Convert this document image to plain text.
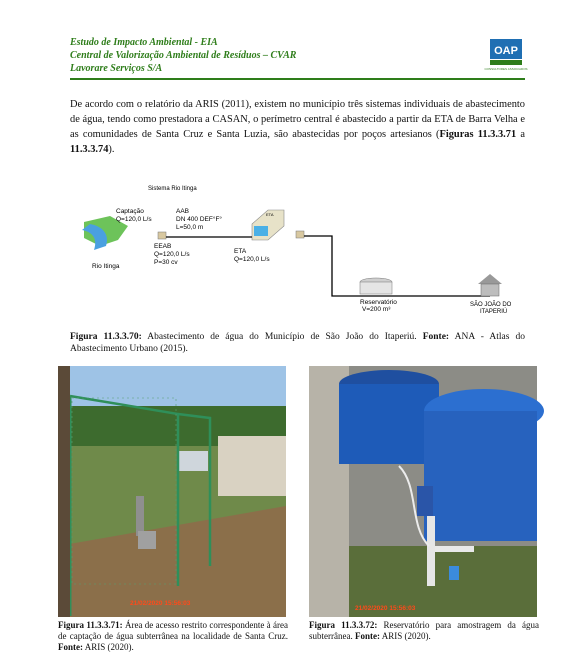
Estudo de Impacto Ambiental - EIA
Central de Valorização Ambiental de Resíduos – CVAR
Lavorare Serviços S/A
OAP
CONSULTORES ASSOCIADOS

De acordo com o relatório da ARIS (2011), existem no município três sistemas individuais de abastecimento de água, tendo como prestadora a CASAN, o perímetro central é abastecido a partir da ETA de Barra Velha e as comunidades de Santa Cruz e Santa Luzia, são abastecidas por poços artesianos (Figuras 11.3.3.71 a 11.3.3.74).

Sistema Rio Itinga
Captação
Q=120,0 L/s
Rio Itinga
AAB
DN 400 DEF°F°
L=50,0 m
EEAB
Q=120,0 L/s
P=30 cv
ETA
ETA
Q=120,0 L/s
Reservatório
V=200 m³
SÃO JOÃO DO
ITAPERIÚ

Figura 11.3.3.70: Abastecimento de água do Município de São João do Itaperiú. Fonte: ANA - Atlas do Abastecimento Urbano (2015).

21/02/2020 15:56:03
21/02/2020 15:56:03

Figura 11.3.3.71: Área de acesso restrito correspondente à área de captação de água subterrânea na localidade de Santa Cruz. Fonte: ARIS (2020).

Figura 11.3.3.72: Reservatório para amostragem da água subterrânea. Fonte: ARIS (2020).
